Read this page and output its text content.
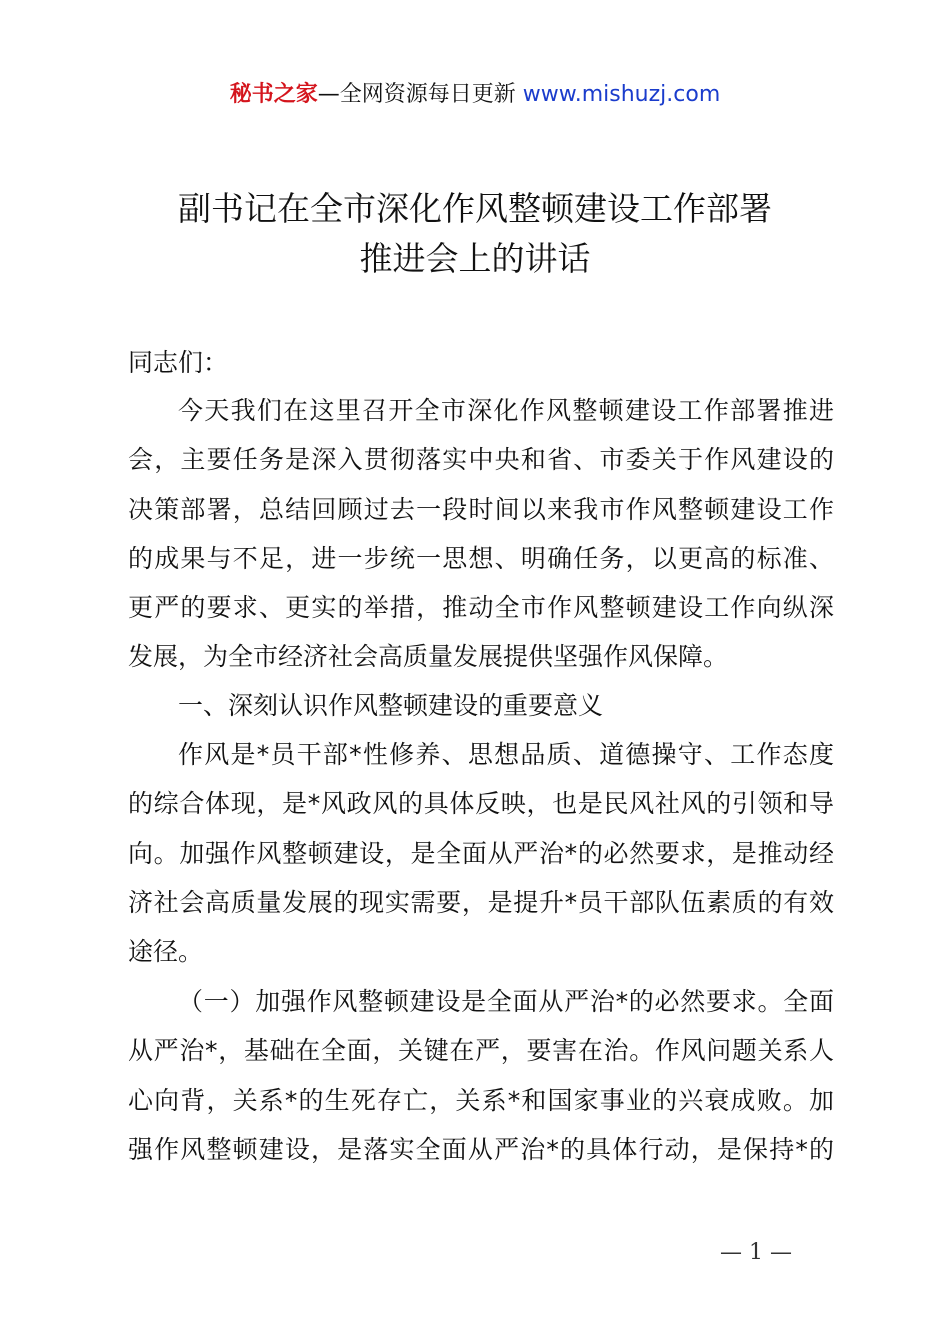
秘书之家—全网资源每日更新 www.mishuzj.com
副书记在全市深化作风整顿建设工作部署
推进会上的讲话
同志们：
今天我们在这里召开全市深化作风整顿建设工作部署推进
会，主要任务是深入贯彻落实中央和省、市委关于作风建设的
决策部署，总结回顾过去一段时间以来我市作风整顿建设工作
的成果与不足，进一步统一思想、明确任务，以更高的标准、
更严的要求、更实的举措，推动全市作风整顿建设工作向纵深
发展，为全市经济社会高质量发展提供坚强作风保障。
一、深刻认识作风整顿建设的重要意义
作风是*员干部*性修养、思想品质、道德操守、工作态度
的综合体现，是*风政风的具体反映，也是民风社风的引领和导
向。加强作风整顿建设，是全面从严治*的必然要求，是推动经
济社会高质量发展的现实需要，是提升*员干部队伍素质的有效
途径。
（一）加强作风整顿建设是全面从严治*的必然要求。全面
从严治*，基础在全面，关键在严，要害在治。作风问题关系人
心向背，关系*的生死存亡，关系*和国家事业的兴衰成败。加
强作风整顿建设，是落实全面从严治*的具体行动，是保持*的
— 1 —
